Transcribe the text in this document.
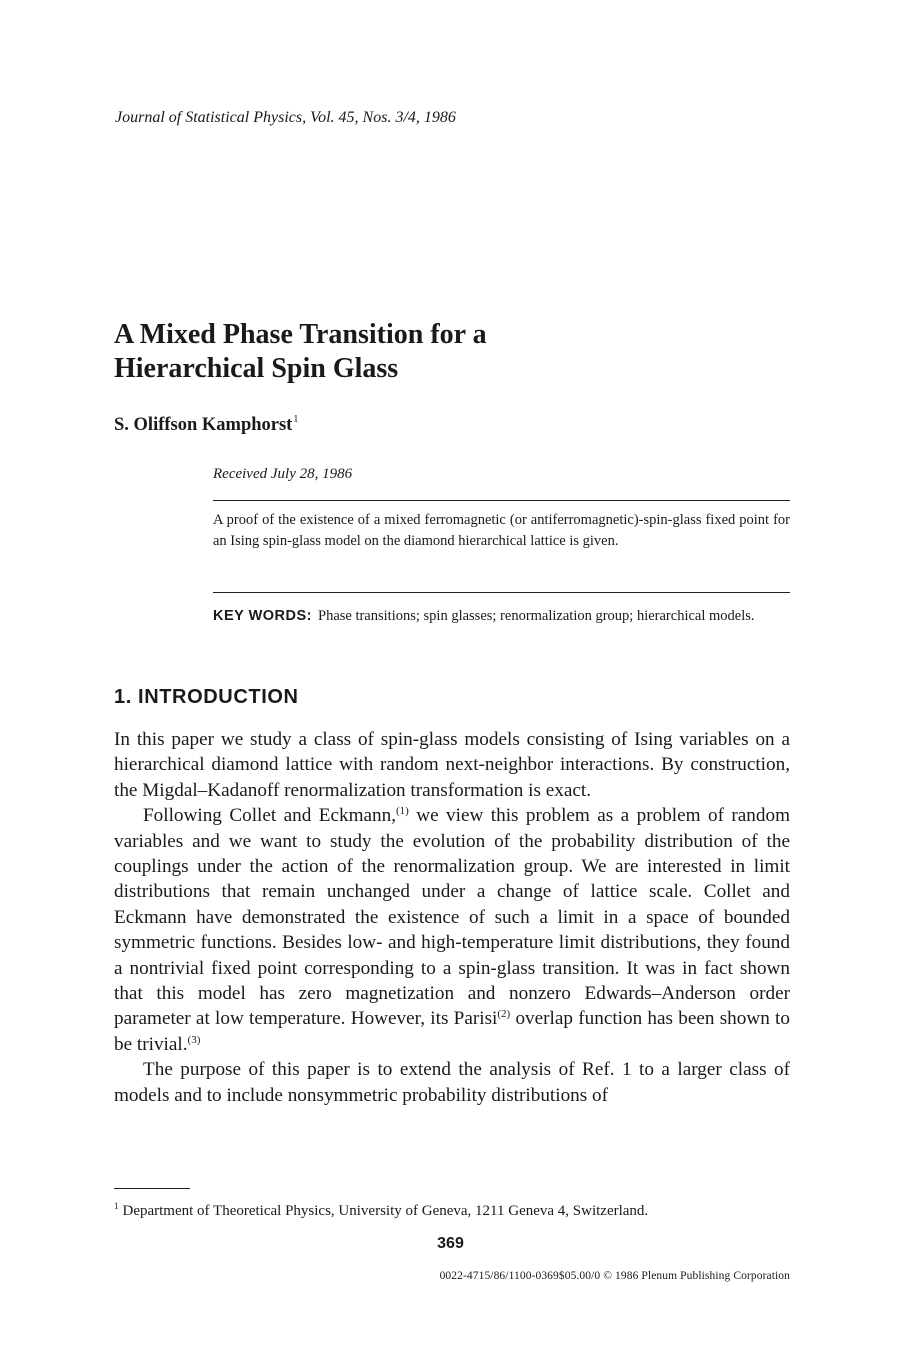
Journal of Statistical Physics, Vol. 45, Nos. 3/4, 1986
A Mixed Phase Transition for a
Hierarchical Spin Glass
S. Oliffson Kamphorst$^1$
Received July 28, 1986
A proof of the existence of a mixed ferromagnetic (or antiferromagnetic)-spin-glass fixed point for an Ising spin-glass model on the diamond hierarchical lattice is given.
KEY WORDS: Phase transitions; spin glasses; renormalization group; hierarchical models.
1. INTRODUCTION

In this paper we study a class of spin-glass models consisting of Ising variables on a hierarchical diamond lattice with random next-neighbor interactions. By construction, the Migdal–Kadanoff renormalization transformation is exact.

Following Collet and Eckmann,$^{(1)}$ we view this problem as a problem of random variables and we want to study the evolution of the probability distribution of the couplings under the action of the renormalization group. We are interested in limit distributions that remain unchanged under a change of lattice scale. Collet and Eckmann have demonstrated the existence of such a limit in a space of bounded symmetric functions. Besides low- and high-temperature limit distributions, they found a nontrivial fixed point corresponding to a spin-glass transition. It was in fact shown that this model has zero magnetization and nonzero Edwards–Anderson order parameter at low temperature. However, its Parisi$^{(2)}$ overlap function has been shown to be trivial.$^{(3)}$

The purpose of this paper is to extend the analysis of Ref. 1 to a larger class of models and to include nonsymmetric probability distributions of

$^1$ Department of Theoretical Physics, University of Geneva, 1211 Geneva 4, Switzerland.
369
0022-4715/86/1100-0369$05.00/0 © 1986 Plenum Publishing Corporation
